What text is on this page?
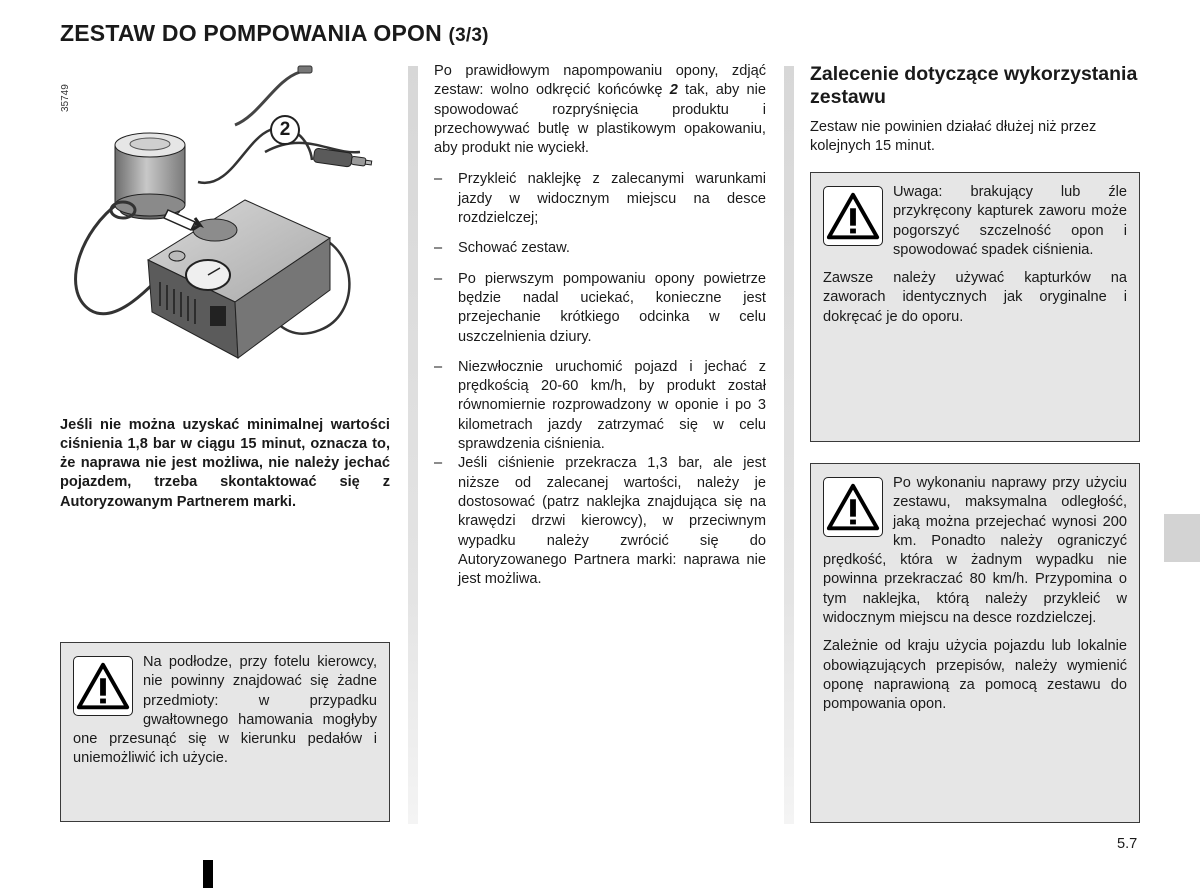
ZESTAW DO POMPOWANIA OPON (3/3)
35749
2

Jeśli nie można uzyskać minimalnej wartości ciśnienia 1,8 bar w ciągu 15 minut, oznacza to, że naprawa nie jest możliwa, nie należy jechać pojazdem, trzeba skontaktować się z Autoryzowanym Partnerem marki.

Na podłodze, przy fotelu kierowcy, nie powinny znajdować się żadne przedmioty: w przypadku gwałtownego hamowania mogłyby one przesunąć się w kierunku pedałów i uniemożliwić ich użycie.

Po prawidłowym napompowaniu opony, zdjąć zestaw: wolno odkręcić końcówkę 2 tak, aby nie spowodować rozpryśnięcia produktu i przechowywać butlę w plastikowym opakowaniu, aby produkt nie wyciekł.

– Przykleić naklejkę z zalecanymi warunkami jazdy w widocznym miejscu na desce rozdzielczej;
– Schować zestaw.
– Po pierwszym pompowaniu opony powietrze będzie nadal uciekać, konieczne jest przejechanie krótkiego odcinka w celu uszczelnienia dziury.
– Niezwłocznie uruchomić pojazd i jechać z prędkością 20-60 km/h, by produkt został równomiernie rozprowadzony w oponie i po 3 kilometrach jazdy zatrzymać się w celu sprawdzenia ciśnienia.
– Jeśli ciśnienie przekracza 1,3 bar, ale jest niższe od zalecanej wartości, należy je dostosować (patrz naklejka znajdująca się na krawędzi drzwi kierowcy), w przeciwnym wypadku należy zwrócić się do Autoryzowanego Partnera marki: naprawa nie jest możliwa.
Zalecenie dotyczące wykorzystania zestawu

Zestaw nie powinien działać dłużej niż przez kolejnych 15 minut.

Uwaga: brakujący lub źle przykręcony kapturek zaworu może pogorszyć szczelność opon i spowodować spadek ciśnienia.

Zawsze należy używać kapturków na zaworach identycznych jak oryginalne i dokręcać je do oporu.

Po wykonaniu naprawy przy użyciu zestawu, maksymalna odległość, jaką można przejechać wynosi 200 km. Ponadto należy ograniczyć prędkość, która w żadnym wypadku nie powinna przekraczać 80 km/h. Przypomina o tym naklejka, którą należy przykleić w widocznym miejscu na desce rozdzielczej.

Zależnie od kraju użycia pojazdu lub lokalnie obowiązujących przepisów, należy wymienić oponę naprawioną za pomocą zestawu do pompowania opon.

5.7
